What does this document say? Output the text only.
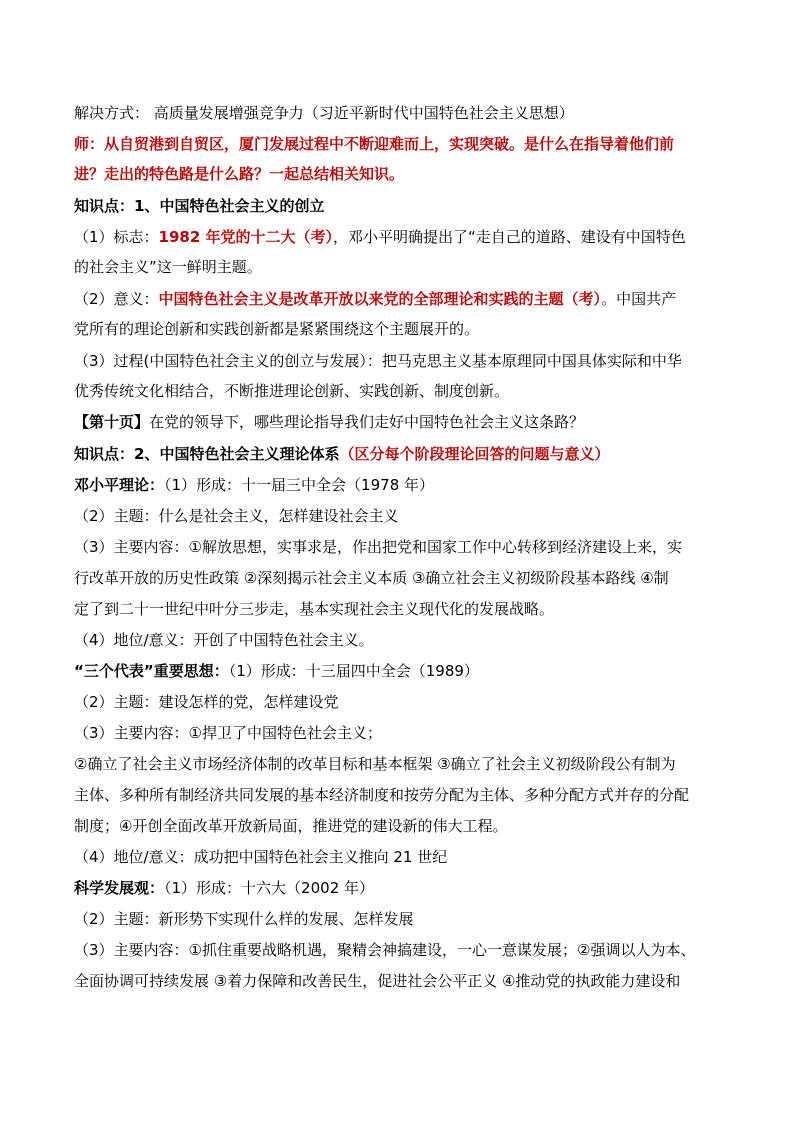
解决方式： 高质量发展增强竞争力（习近平新时代中国特色社会主义思想）
师：从自贸港到自贸区，厦门发展过程中不断迎难而上，实现突破。是什么在指导着他们前
进？走出的特色路是什么路？一起总结相关知识。
知识点：1、中国特色社会主义的创立
（1）标志：1982 年党的十二大（考），邓小平明确提出了“走自己的道路、建设有中国特色
的社会主义”这一鲜明主题。
（2）意义：中国特色社会主义是改革开放以来党的全部理论和实践的主题（考）。中国共产
党所有的理论创新和实践创新都是紧紧围绕这个主题展开的。
（3）过程(中国特色社会主义的创立与发展）：把马克思主义基本原理同中国具体实际和中华
优秀传统文化相结合，不断推进理论创新、实践创新、制度创新。
【第十页】在党的领导下，哪些理论指导我们走好中国特色社会主义这条路？
知识点：2、中国特色社会主义理论体系（区分每个阶段理论回答的问题与意义）
邓小平理论：（1）形成：十一届三中全会（1978 年）
（2）主题：什么是社会主义，怎样建设社会主义
（3）主要内容：①解放思想，实事求是，作出把党和国家工作中心转移到经济建设上来，实
行改革开放的历史性政策 ②深刻揭示社会主义本质 ③确立社会主义初级阶段基本路线 ④制
定了到二十一世纪中叶分三步走，基本实现社会主义现代化的发展战略。
（4）地位/意义：开创了中国特色社会主义。
“三个代表”重要思想：（1）形成：十三届四中全会（1989）
（2）主题：建设怎样的党，怎样建设党
（3）主要内容：①捍卫了中国特色社会主义；
②确立了社会主义市场经济体制的改革目标和基本框架 ③确立了社会主义初级阶段公有制为
主体、多种所有制经济共同发展的基本经济制度和按劳分配为主体、多种分配方式并存的分配
制度；④开创全面改革开放新局面，推进党的建设新的伟大工程。
（4）地位/意义：成功把中国特色社会主义推向 21 世纪
科学发展观：（1）形成：十六大（2002 年）
（2）主题：新形势下实现什么样的发展、怎样发展
（3）主要内容：①抓住重要战略机遇，聚精会神搞建设，一心一意谋发展；②强调以人为本、
全面协调可持续发展 ③着力保障和改善民生，促进社会公平正义 ④推动党的执政能力建设和
